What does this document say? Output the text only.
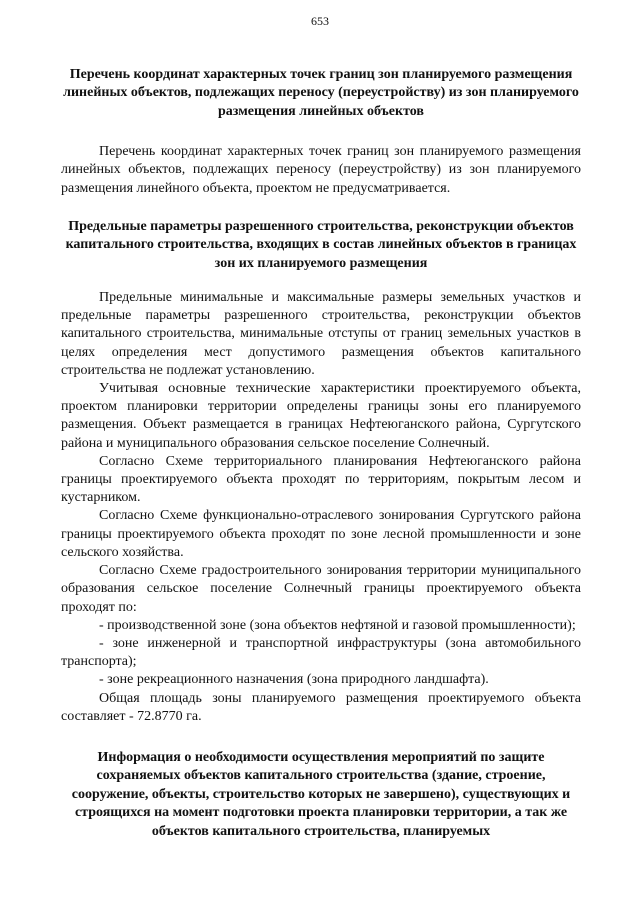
653
Перечень координат характерных точек границ зон планируемого размещения линейных объектов, подлежащих переносу (переустройству) из зон планируемого размещения линейных объектов

Перечень координат характерных точек границ зон планируемого размещения линейных объектов, подлежащих переносу (переустройству) из зон планируемого размещения линейного объекта, проектом не предусматривается.

Предельные параметры разрешенного строительства, реконструкции объектов капитального строительства, входящих в состав линейных объектов в границах зон их планируемого размещения

Предельные минимальные и максимальные размеры земельных участков и предельные параметры разрешенного строительства, реконструкции объектов капитального строительства, минимальные отступы от границ земельных участков в целях определения мест допустимого размещения объектов капитального строительства не подлежат установлению.

Учитывая основные технические характеристики проектируемого объекта, проектом планировки территории определены границы зоны его планируемого размещения. Объект размещается в границах Нефтеюганского района, Сургутского района и муниципального образования сельское поселение Солнечный.

Согласно Схеме территориального планирования Нефтеюганского района границы проектируемого объекта проходят по территориям, покрытым лесом и кустарником.

Согласно Схеме функционально-отраслевого зонирования Сургутского района границы проектируемого объекта проходят по зоне лесной промышленности и зоне сельского хозяйства.

Согласно Схеме градостроительного зонирования территории муниципального образования сельское поселение Солнечный границы проектируемого объекта проходят по:

- производственной зоне (зона объектов нефтяной и газовой промышленности);

- зоне инженерной и транспортной инфраструктуры (зона автомобильного транспорта);

- зоне рекреационного назначения (зона природного ландшафта).

Общая площадь зоны планируемого размещения проектируемого объекта составляет - 72.8770 га.

Информация о необходимости осуществления мероприятий по защите сохраняемых объектов капитального строительства (здание, строение, сооружение, объекты, строительство которых не завершено), существующих и строящихся на момент подготовки проекта планировки территории, а так же объектов капитального строительства, планируемых
